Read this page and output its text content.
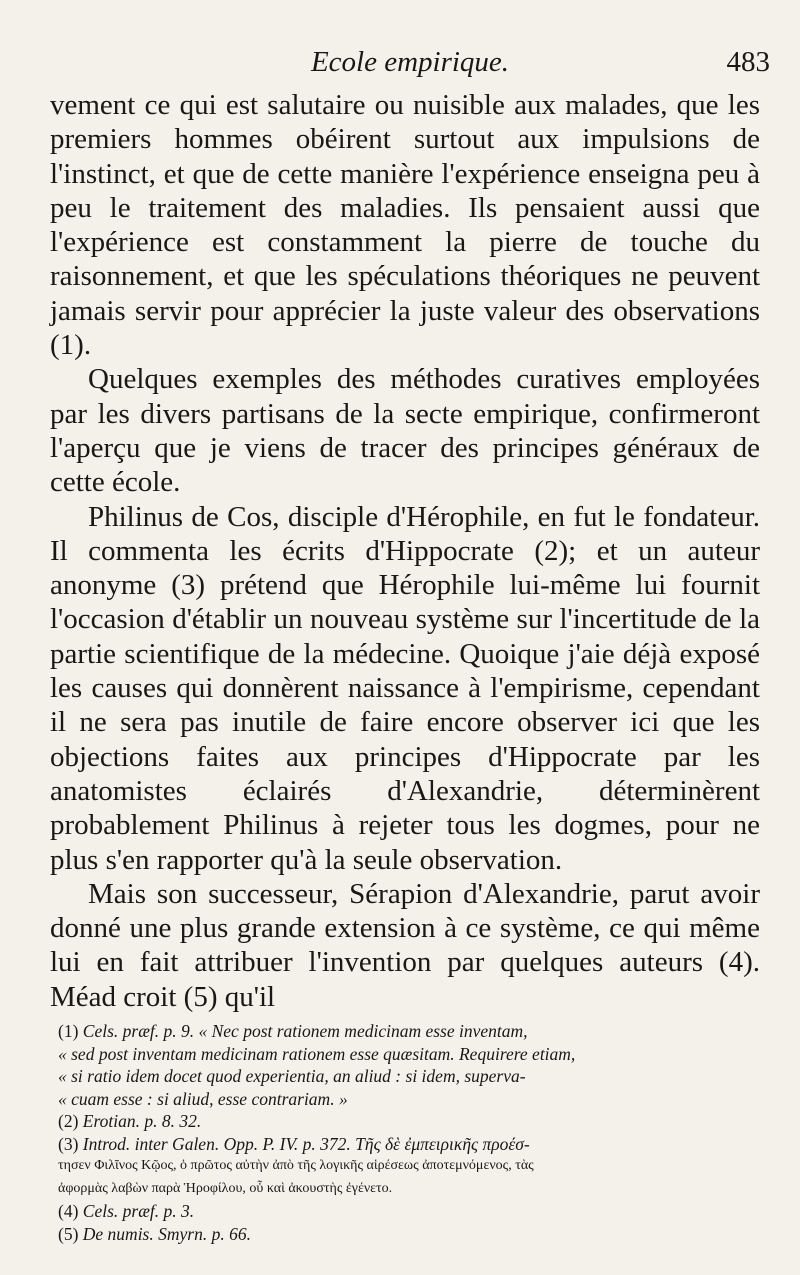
Ecole empirique.	483

vement ce qui est salutaire ou nuisible aux malades, que les premiers hommes obéirent surtout aux impulsions de l'instinct, et que de cette manière l'expérience enseigna peu à peu le traitement des maladies. Ils pensaient aussi que l'expérience est constamment la pierre de touche du raisonnement, et que les spéculations théoriques ne peuvent jamais servir pour apprécier la juste valeur des observations (1).

Quelques exemples des méthodes curatives employées par les divers partisans de la secte empirique, confirmeront l'aperçu que je viens de tracer des principes généraux de cette école.

Philinus de Cos, disciple d'Hérophile, en fut le fondateur. Il commenta les écrits d'Hippocrate (2); et un auteur anonyme (3) prétend que Hérophile lui-même lui fournit l'occasion d'établir un nouveau système sur l'incertitude de la partie scientifique de la médecine. Quoique j'aie déjà exposé les causes qui donnèrent naissance à l'empirisme, cependant il ne sera pas inutile de faire encore observer ici que les objections faites aux principes d'Hippocrate par les anatomistes éclairés d'Alexandrie, déterminèrent probablement Philinus à rejeter tous les dogmes, pour ne plus s'en rapporter qu'à la seule observation.

Mais son successeur, Sérapion d'Alexandrie, parut avoir donné une plus grande extension à ce système, ce qui même lui en fait attribuer l'invention par quelques auteurs (4). Méad croit (5) qu'il

(1) Cels. præf. p. 9. « Nec post rationem medicinam esse inventam,
« sed post inventam medicinam rationem esse quæsitam. Requirere etiam,
« si ratio idem docet quod experientia, an aliud : si idem, superva-
« cuam esse : si aliud, esse contrariam. »
(2) Erotian. p. 8. 32.
(3) Introd. inter Galen. Opp. P. IV. p. 372. Τῆς δὲ ἐμπειρικῆς προέσ-
τησεν Φιλῖνος Κῷος, ὁ πρῶτος αὐτὴν ἀπὸ τῆς λογικῆς αἱρέσεως ἀποτεμνόμενος, τὰς
ἀφορμὰς λαβὼν παρὰ Ἡροφίλου, οὗ καὶ ἀκουστὴς ἐγένετο.
(4) Cels. præf. p. 3.
(5) De numis. Smyrn. p. 66.
